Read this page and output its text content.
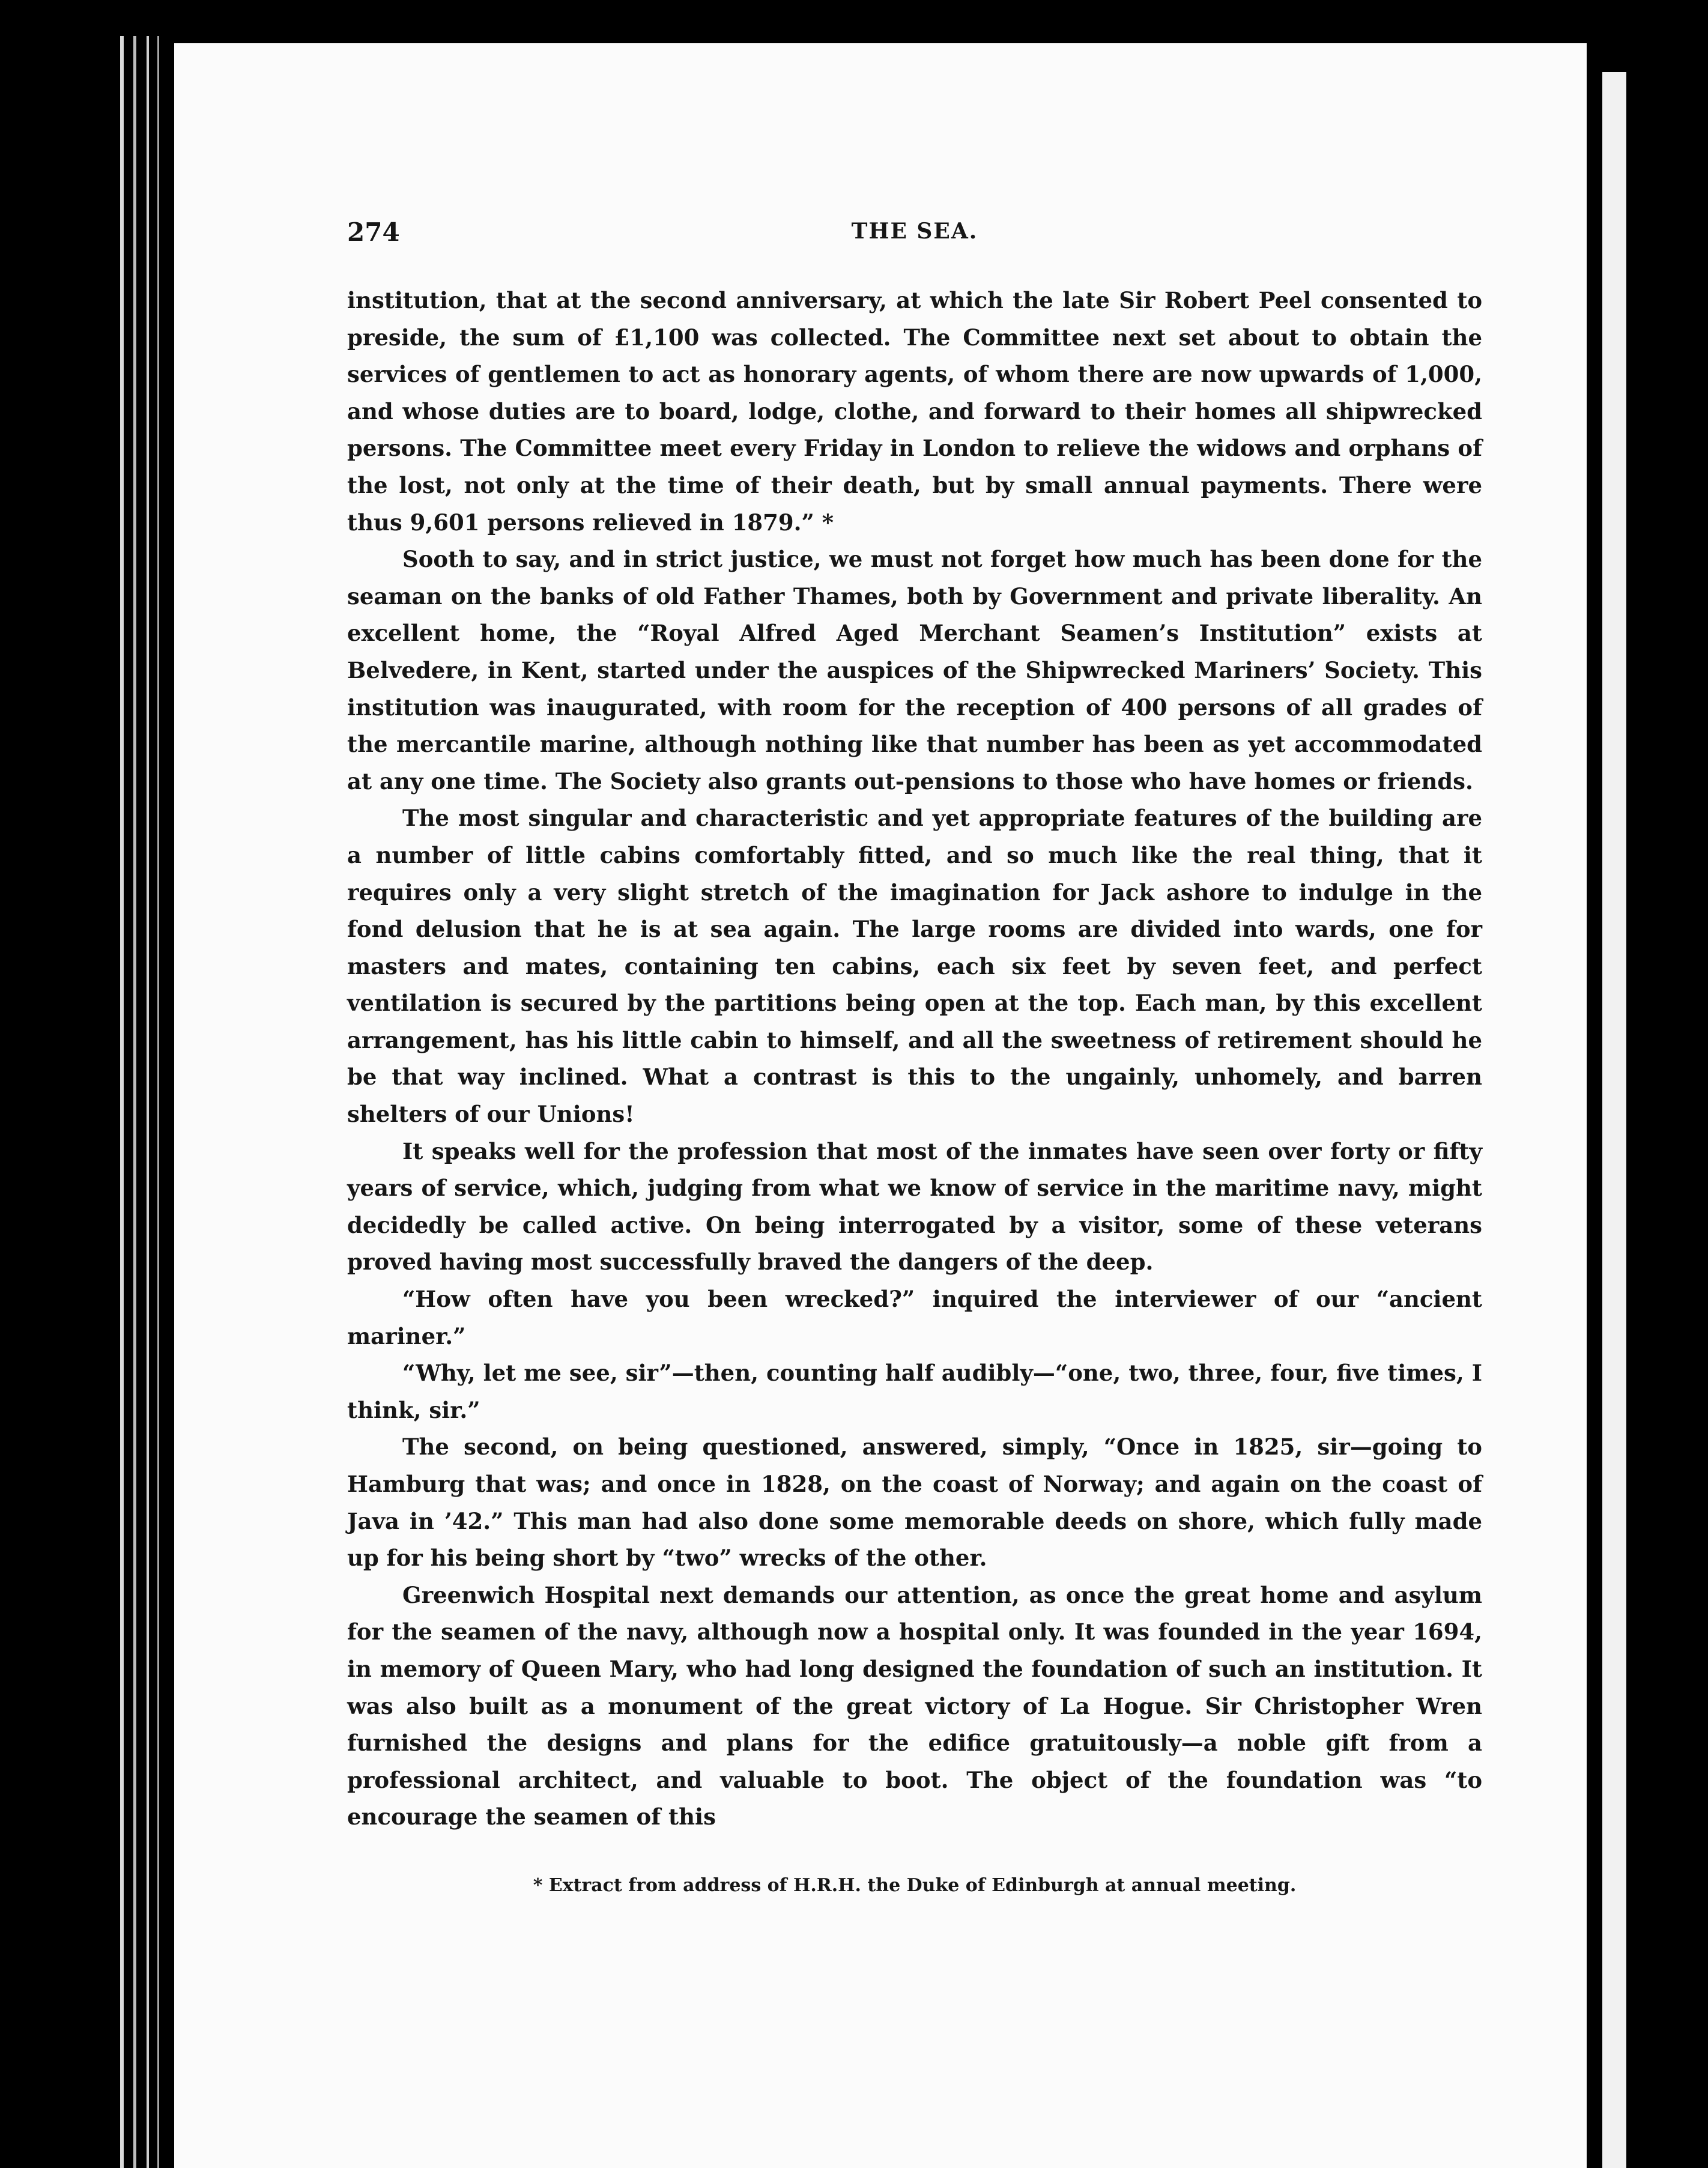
274	THE SEA.

institution, that at the second anniversary, at which the late Sir Robert Peel consented to preside, the sum of £1,100 was collected. The Committee next set about to obtain the services of gentlemen to act as honorary agents, of whom there are now upwards of 1,000, and whose duties are to board, lodge, clothe, and forward to their homes all shipwrecked persons. The Committee meet every Friday in London to relieve the widows and orphans of the lost, not only at the time of their death, but by small annual payments. There were thus 9,601 persons relieved in 1879.” *

Sooth to say, and in strict justice, we must not forget how much has been done for the seaman on the banks of old Father Thames, both by Government and private liberality. An excellent home, the “Royal Alfred Aged Merchant Seamen’s Institution” exists at Belvedere, in Kent, started under the auspices of the Shipwrecked Mariners’ Society. This institution was inaugurated, with room for the reception of 400 persons of all grades of the mercantile marine, although nothing like that number has been as yet accommodated at any one time. The Society also grants out-pensions to those who have homes or friends.

The most singular and characteristic and yet appropriate features of the building are a number of little cabins comfortably fitted, and so much like the real thing, that it requires only a very slight stretch of the imagination for Jack ashore to indulge in the fond delusion that he is at sea again. The large rooms are divided into wards, one for masters and mates, containing ten cabins, each six feet by seven feet, and perfect ventilation is secured by the partitions being open at the top. Each man, by this excellent arrangement, has his little cabin to himself, and all the sweetness of retirement should he be that way inclined. What a contrast is this to the ungainly, unhomely, and barren shelters of our Unions!

It speaks well for the profession that most of the inmates have seen over forty or fifty years of service, which, judging from what we know of service in the maritime navy, might decidedly be called active. On being interrogated by a visitor, some of these veterans proved having most successfully braved the dangers of the deep.

“How often have you been wrecked?” inquired the interviewer of our “ancient mariner.”

“Why, let me see, sir”—then, counting half audibly—“one, two, three, four, five times, I think, sir.”

The second, on being questioned, answered, simply, “Once in 1825, sir—going to Hamburg that was; and once in 1828, on the coast of Norway; and again on the coast of Java in ’42.” This man had also done some memorable deeds on shore, which fully made up for his being short by “two” wrecks of the other.

Greenwich Hospital next demands our attention, as once the great home and asylum for the seamen of the navy, although now a hospital only. It was founded in the year 1694, in memory of Queen Mary, who had long designed the foundation of such an institution. It was also built as a monument of the great victory of La Hogue. Sir Christopher Wren furnished the designs and plans for the edifice gratuitously—a noble gift from a professional architect, and valuable to boot. The object of the foundation was “to encourage the seamen of this

* Extract from address of H.R.H. the Duke of Edinburgh at annual meeting.
